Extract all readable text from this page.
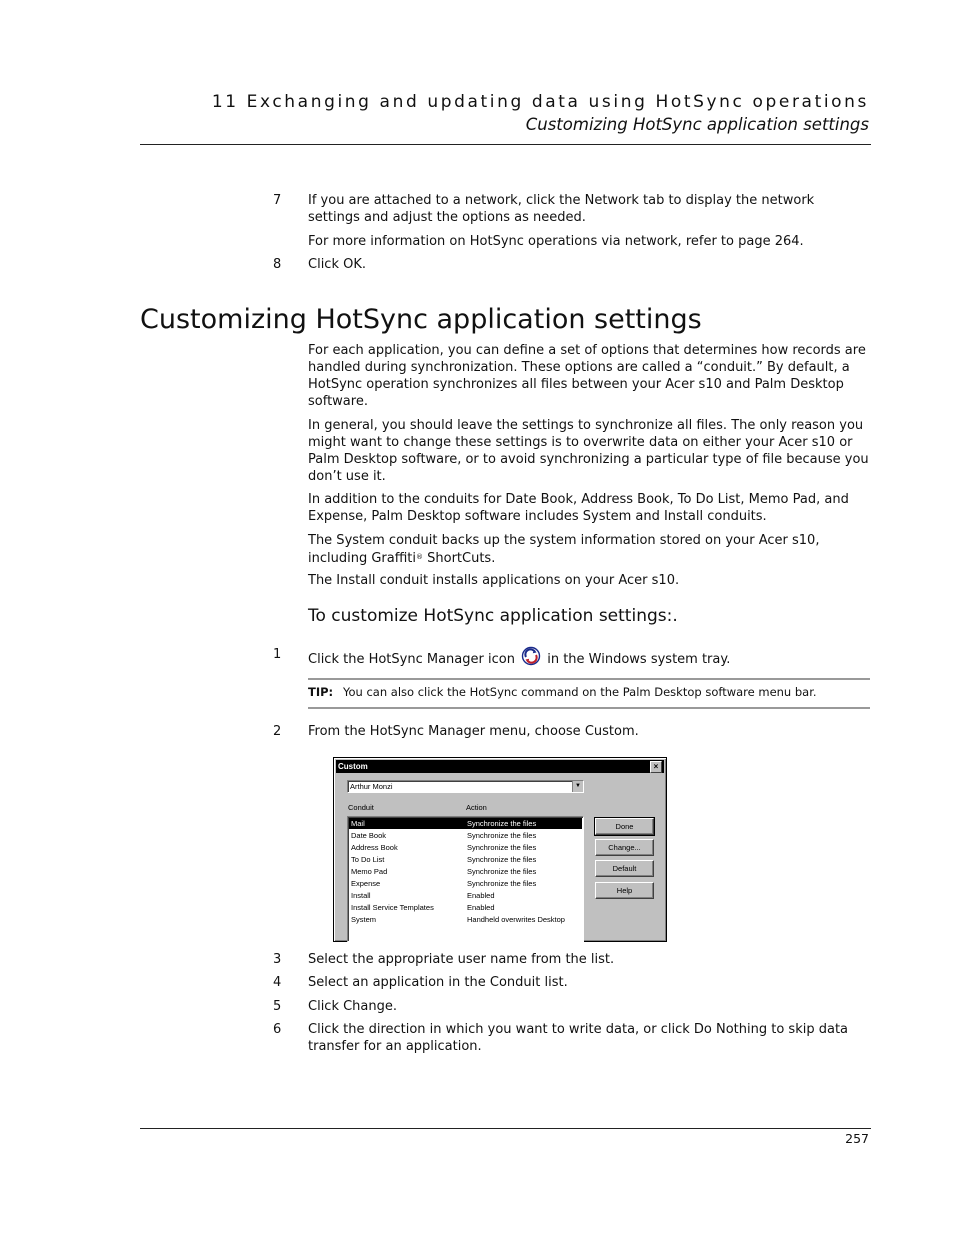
11 Exchanging and updating data using HotSync operations
Customizing HotSync application settings
7 If you are attached to a network, click the Network tab to display the network settings and adjust the options as needed.
For more information on HotSync operations via network, refer to page 264.
8 Click OK.
Customizing HotSync application settings
For each application, you can define a set of options that determines how records are handled during synchronization. These options are called a “conduit.” By default, a HotSync operation synchronizes all files between your Acer s10 and Palm Desktop software.
In general, you should leave the settings to synchronize all files. The only reason you might want to change these settings is to overwrite data on either your Acer s10 or Palm Desktop software, or to avoid synchronizing a particular type of file because you don’t use it.
In addition to the conduits for Date Book, Address Book, To Do List, Memo Pad, and Expense, Palm Desktop software includes System and Install conduits.
The System conduit backs up the system information stored on your Acer s10, including Graffiti® ShortCuts.
The Install conduit installs applications on your Acer s10.
To customize HotSync application settings:.
1 Click the HotSync Manager icon in the Windows system tray.
TIP: You can also click the HotSync command on the Palm Desktop software menu bar.
2 From the HotSync Manager menu, choose Custom.
Custom	×
Arthur Monzi	▼
Conduit	Action
Mail	Synchronize the files
Date Book	Synchronize the files
Address Book	Synchronize the files
To Do List	Synchronize the files
Memo Pad	Synchronize the files
Expense	Synchronize the files
Install	Enabled
Install Service Templates	Enabled
System	Handheld overwrites Desktop
Done
Change...
Default
Help
3 Select the appropriate user name from the list.
4 Select an application in the Conduit list.
5 Click Change.
6 Click the direction in which you want to write data, or click Do Nothing to skip data transfer for an application.
257
